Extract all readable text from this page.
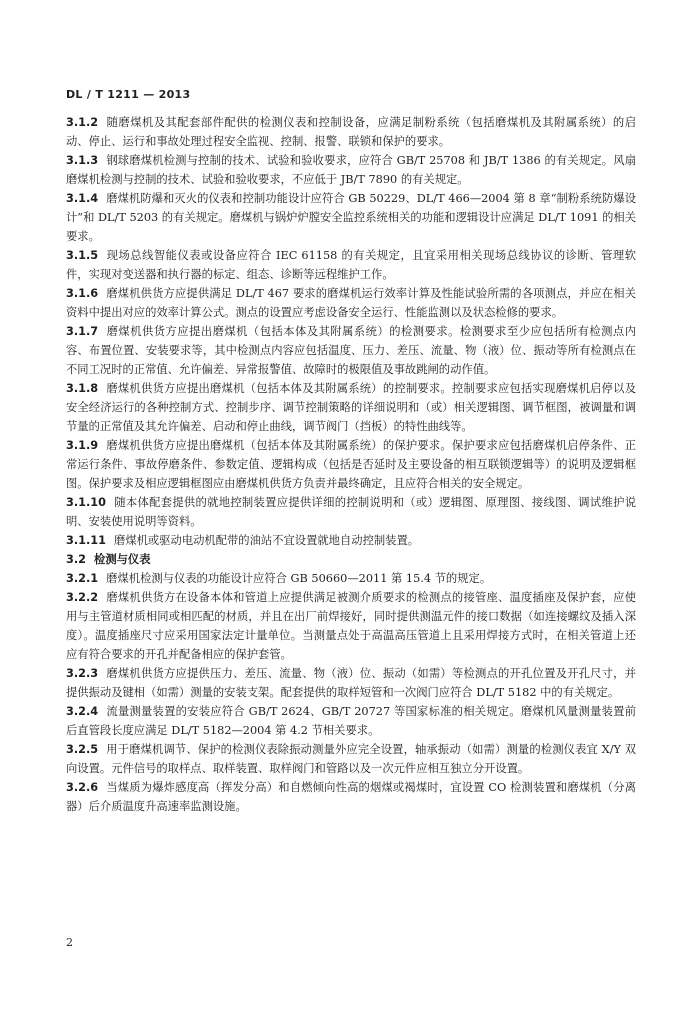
DL / T 1211 — 2013

3.1.2 随磨煤机及其配套部件配供的检测仪表和控制设备，应满足制粉系统（包括磨煤机及其附属系统）的启动、停止、运行和事故处理过程安全监视、控制、报警、联锁和保护的要求。

3.1.3 钢球磨煤机检测与控制的技术、试验和验收要求，应符合 GB/T 25708 和 JB/T 1386 的有关规定。风扇磨煤机检测与控制的技术、试验和验收要求，不应低于 JB/T 7890 的有关规定。

3.1.4 磨煤机防爆和灭火的仪表和控制功能设计应符合 GB 50229、DL/T 466—2004 第 8 章“制粉系统防爆设计”和 DL/T 5203 的有关规定。磨煤机与锅炉炉膛安全监控系统相关的功能和逻辑设计应满足 DL/T 1091 的相关要求。

3.1.5 现场总线智能仪表或设备应符合 IEC 61158 的有关规定，且宜采用相关现场总线协议的诊断、管理软件，实现对变送器和执行器的标定、组态、诊断等远程维护工作。

3.1.6 磨煤机供货方应提供满足 DL/T 467 要求的磨煤机运行效率计算及性能试验所需的各项测点，并应在相关资料中提出对应的效率计算公式。测点的设置应考虑设备安全运行、性能监测以及状态检修的要求。

3.1.7 磨煤机供货方应提出磨煤机（包括本体及其附属系统）的检测要求。检测要求至少应包括所有检测点内容、布置位置、安装要求等，其中检测点内容应包括温度、压力、差压、流量、物（液）位、振动等所有检测点在不同工况时的正常值、允许偏差、异常报警值、故障时的极限值及事故跳闸的动作值。

3.1.8 磨煤机供货方应提出磨煤机（包括本体及其附属系统）的控制要求。控制要求应包括实现磨煤机启停以及安全经济运行的各种控制方式、控制步序、调节控制策略的详细说明和（或）相关逻辑图、调节框图，被调量和调节量的正常值及其允许偏差、启动和停止曲线，调节阀门（挡板）的特性曲线等。

3.1.9 磨煤机供货方应提出磨煤机（包括本体及其附属系统）的保护要求。保护要求应包括磨煤机启停条件、正常运行条件、事故停磨条件、参数定值、逻辑构成（包括是否延时及主要设备的相互联锁逻辑等）的说明及逻辑框图。保护要求及相应逻辑框图应由磨煤机供货方负责并最终确定，且应符合相关的安全规定。

3.1.10 随本体配套提供的就地控制装置应提供详细的控制说明和（或）逻辑图、原理图、接线图、调试维护说明、安装使用说明等资料。

3.1.11 磨煤机或驱动电动机配带的油站不宜设置就地自动控制装置。

3.2 检测与仪表

3.2.1 磨煤机检测与仪表的功能设计应符合 GB 50660—2011 第 15.4 节的规定。

3.2.2 磨煤机供货方在设备本体和管道上应提供满足被测介质要求的检测点的接管座、温度插座及保护套，应使用与主管道材质相同或相匹配的材质，并且在出厂前焊接好，同时提供测温元件的接口数据（如连接螺纹及插入深度）。温度插座尺寸应采用国家法定计量单位。当测量点处于高温高压管道上且采用焊接方式时，在相关管道上还应有符合要求的开孔并配备相应的保护套管。

3.2.3 磨煤机供货方应提供压力、差压、流量、物（液）位、振动（如需）等检测点的开孔位置及开孔尺寸，并提供振动及键相（如需）测量的安装支架。配套提供的取样短管和一次阀门应符合 DL/T 5182 中的有关规定。

3.2.4 流量测量装置的安装应符合 GB/T 2624、GB/T 20727 等国家标准的相关规定。磨煤机风量测量装置前后直管段长度应满足 DL/T 5182—2004 第 4.2 节相关要求。

3.2.5 用于磨煤机调节、保护的检测仪表除振动测量外应完全设置，轴承振动（如需）测量的检测仪表宜 X/Y 双向设置。元件信号的取样点、取样装置、取样阀门和管路以及一次元件应相互独立分开设置。

3.2.6 当煤质为爆炸感度高（挥发分高）和自燃倾向性高的烟煤或褐煤时，宜设置 CO 检测装置和磨煤机（分离器）后介质温度升高速率监测设施。

2
